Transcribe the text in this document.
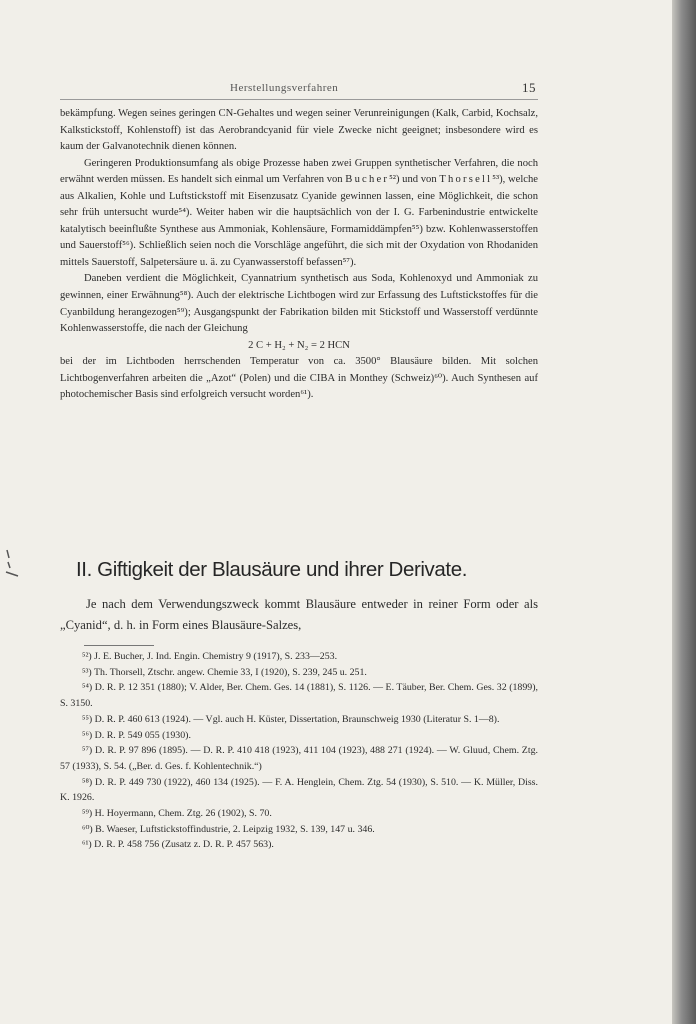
Herstellungsverfahren	15

bekämpfung. Wegen seines geringen CN-Gehaltes und wegen seiner Verunreinigungen (Kalk, Carbid, Kochsalz, Kalkstickstoff, Kohlenstoff) ist das Aerobrandcyanid für viele Zwecke nicht geeignet; insbesondere wird es kaum der Galvanotechnik dienen können.

Geringeren Produktionsumfang als obige Prozesse haben zwei Gruppen synthetischer Verfahren, die noch erwähnt werden müssen. Es handelt sich einmal um Verfahren von Bucher⁵²) und von Thorsell⁵³), welche aus Alkalien, Kohle und Luftstickstoff mit Eisenzusatz Cyanide gewinnen lassen, eine Möglichkeit, die schon sehr früh untersucht wurde⁵⁴). Weiter haben wir die hauptsächlich von der I. G. Farbenindustrie entwickelte katalytisch beeinflußte Synthese aus Ammoniak, Kohlensäure, Formamiddämpfen⁵⁵) bzw. Kohlenwasserstoffen und Sauerstoff⁵⁶). Schließlich seien noch die Vorschläge angeführt, die sich mit der Oxydation von Rhodaniden mittels Sauerstoff, Salpetersäure u. ä. zu Cyanwasserstoff befassen⁵⁷).

Daneben verdient die Möglichkeit, Cyannatrium synthetisch aus Soda, Kohlenoxyd und Ammoniak zu gewinnen, einer Erwähnung⁵⁸). Auch der elektrische Lichtbogen wird zur Erfassung des Luftstickstoffes für die Cyanbildung herangezogen⁵⁹); Ausgangspunkt der Fabrikation bilden mit Stickstoff und Wasserstoff verdünnte Kohlenwasserstoffe, die nach der Gleichung

2 C + H₂ + N₂ = 2 HCN

bei der im Lichtboden herrschenden Temperatur von ca. 3500° Blausäure bilden. Mit solchen Lichtbogenverfahren arbeiten die „Azot“ (Polen) und die CIBA in Monthey (Schweiz)⁶⁰). Auch Synthesen auf photochemischer Basis sind erfolgreich versucht worden⁶¹).

II. Giftigkeit der Blausäure und ihrer Derivate.

Je nach dem Verwendungszweck kommt Blausäure entweder in reiner Form oder als „Cyanid“, d. h. in Form eines Blausäure-Salzes,

⁵²) J. E. Bucher, J. Ind. Engin. Chemistry 9 (1917), S. 233—253.

⁵³) Th. Thorsell, Ztschr. angew. Chemie 33, I (1920), S. 239, 245 u. 251.

⁵⁴) D. R. P. 12 351 (1880); V. Alder, Ber. Chem. Ges. 14 (1881), S. 1126. — E. Täuber, Ber. Chem. Ges. 32 (1899), S. 3150.

⁵⁵) D. R. P. 460 613 (1924). — Vgl. auch H. Küster, Dissertation, Braunschweig 1930 (Literatur S. 1—8).

⁵⁶) D. R. P. 549 055 (1930).

⁵⁷) D. R. P. 97 896 (1895). — D. R. P. 410 418 (1923), 411 104 (1923), 488 271 (1924). — W. Gluud, Chem. Ztg. 57 (1933), S. 54. („Ber. d. Ges. f. Kohlentechnik.“)

⁵⁸) D. R. P. 449 730 (1922), 460 134 (1925). — F. A. Henglein, Chem. Ztg. 54 (1930), S. 510. — K. Müller, Diss. K. 1926.

⁵⁹) H. Hoyermann, Chem. Ztg. 26 (1902), S. 70.

⁶⁰) B. Waeser, Luftstickstoffindustrie, 2. Leipzig 1932, S. 139, 147 u. 346.

⁶¹) D. R. P. 458 756 (Zusatz z. D. R. P. 457 563).
